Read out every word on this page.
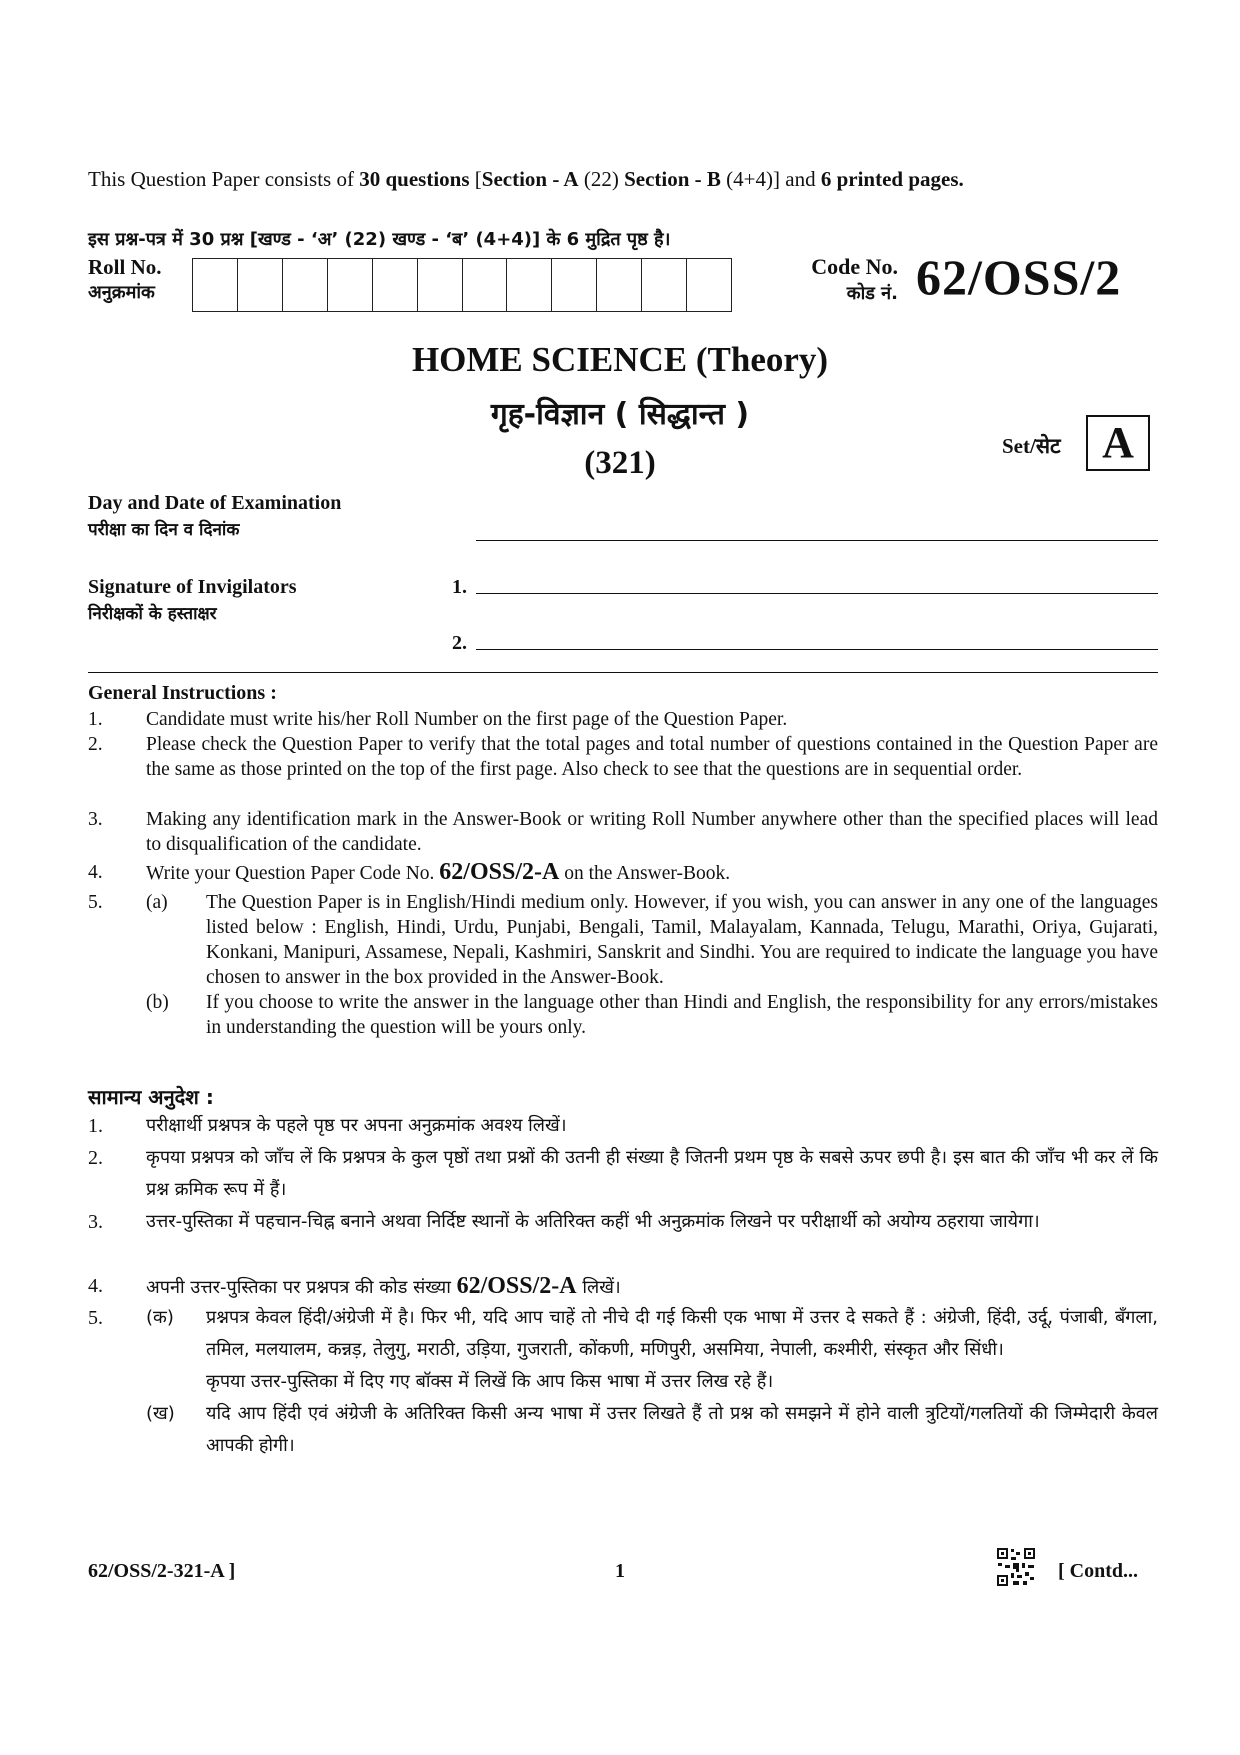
This Question Paper consists of 30 questions [Section - A (22) Section - B (4+4)] and 6 printed pages.
इस प्रश्न-पत्र में 30 प्रश्न [खण्ड - ‘अ’ (22) खण्ड - ‘ब’ (4+4)] के 6 मुद्रित पृष्ठ है।
Roll No.
अनुक्रमांक
Code No.
कोड नं. 62/OSS/2
HOME SCIENCE (Theory)
गृह-विज्ञान ( सिद्धान्त )
(321)	Set/सेट A
Day and Date of Examination
परीक्षा का दिन व दिनांक
Signature of Invigilators
निरीक्षकों के हस्ताक्षर
1.
2.
General Instructions :
1.	Candidate must write his/her Roll Number on the first page of the Question Paper.
2.	Please check the Question Paper to verify that the total pages and total number of questions contained in the Question Paper are the same as those printed on the top of the first page. Also check to see that the questions are in sequential order.
3.	Making any identification mark in the Answer-Book or writing Roll Number anywhere other than the specified places will lead to disqualification of the candidate.
4.	Write your Question Paper Code No. 62/OSS/2-A on the Answer-Book.
5.	(a) The Question Paper is in English/Hindi medium only. However, if you wish, you can answer in any one of the languages listed below : English, Hindi, Urdu, Punjabi, Bengali, Tamil, Malayalam, Kannada, Telugu, Marathi, Oriya, Gujarati, Konkani, Manipuri, Assamese, Nepali, Kashmiri, Sanskrit and Sindhi. You are required to indicate the language you have chosen to answer in the box provided in the Answer-Book.
(b) If you choose to write the answer in the language other than Hindi and English, the responsibility for any errors/mistakes in understanding the question will be yours only.
सामान्य अनुदेश :
1.	परीक्षार्थी प्रश्नपत्र के पहले पृष्ठ पर अपना अनुक्रमांक अवश्य लिखें।
2.	कृपया प्रश्नपत्र को जाँच लें कि प्रश्नपत्र के कुल पृष्ठों तथा प्रश्नों की उतनी ही संख्या है जितनी प्रथम पृष्ठ के सबसे ऊपर छपी है। इस बात की जाँच भी कर लें कि प्रश्न क्रमिक रूप में हैं।
3.	उत्तर-पुस्तिका में पहचान-चिह्न बनाने अथवा निर्दिष्ट स्थानों के अतिरिक्त कहीं भी अनुक्रमांक लिखने पर परीक्षार्थी को अयोग्य ठहराया जायेगा।
4.	अपनी उत्तर-पुस्तिका पर प्रश्नपत्र की कोड संख्या 62/OSS/2-A लिखें।
5.	(क) प्रश्नपत्र केवल हिंदी/अंग्रेजी में है। फिर भी, यदि आप चाहें तो नीचे दी गई किसी एक भाषा में उत्तर दे सकते हैं : अंग्रेजी, हिंदी, उर्दू, पंजाबी, बँगला, तमिल, मलयालम, कन्नड़, तेलुगु, मराठी, उड़िया, गुजराती, कोंकणी, मणिपुरी, असमिया, नेपाली, कश्मीरी, संस्कृत और सिंधी।
कृपया उत्तर-पुस्तिका में दिए गए बॉक्स में लिखें कि आप किस भाषा में उत्तर लिख रहे हैं।
(ख) यदि आप हिंदी एवं अंग्रेजी के अतिरिक्त किसी अन्य भाषा में उत्तर लिखते हैं तो प्रश्न को समझने में होने वाली त्रुटियों/गलतियों की जिम्मेदारी केवल आपकी होगी।
62/OSS/2-321-A ]	1	[ Contd...
